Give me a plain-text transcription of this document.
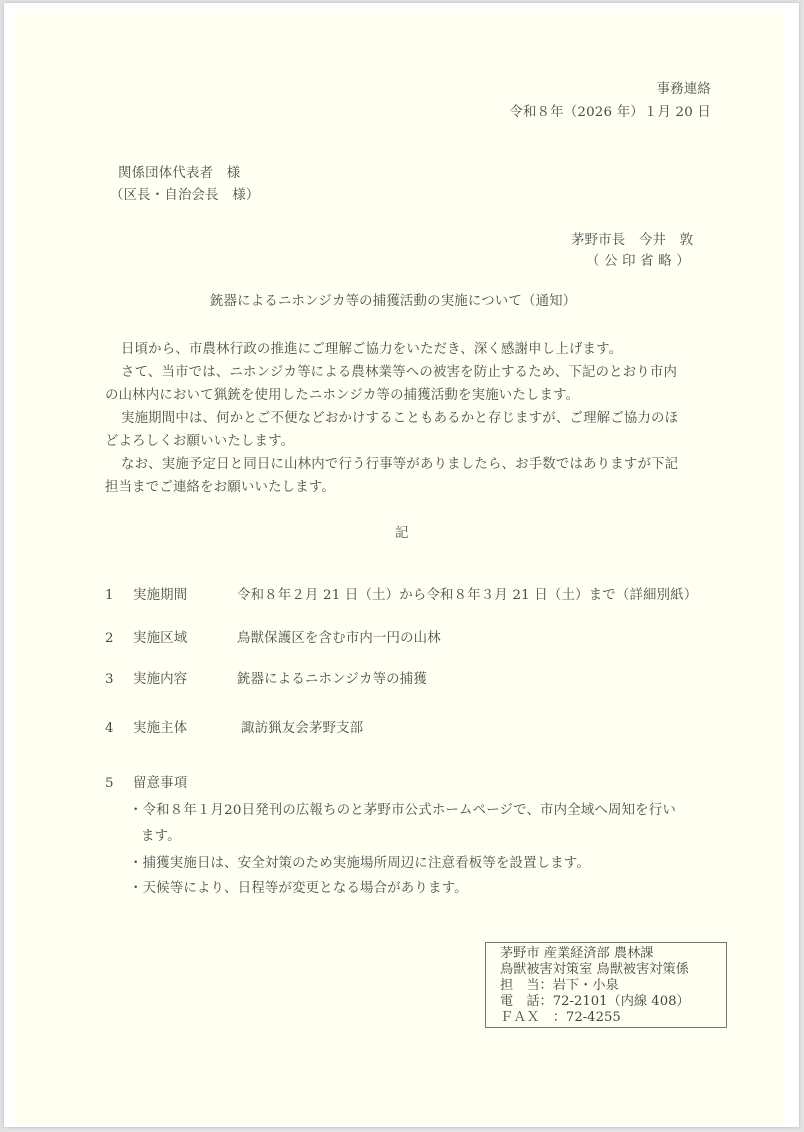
事務連絡
令和８年（2026 年）１月 20 日
関係団体代表者　様
（区長・自治会長　様）
茅野市長　今井　敦
（ 公 印 省 略 ）
銃器によるニホンジカ等の捕獲活動の実施について（通知）
日頃から、市農林行政の推進にご理解ご協力をいただき、深く感謝申し上げます。
さて、当市では、ニホンジカ等による農林業等への被害を防止するため、下記のとおり市内
の山林内において猟銃を使用したニホンジカ等の捕獲活動を実施いたします。
実施期間中は、何かとご不便などおかけすることもあるかと存じますが、ご理解ご協力のほ
どよろしくお願いいたします。
なお、実施予定日と同日に山林内で行う行事等がありましたら、お手数ではありますが下記
担当までご連絡をお願いいたします。
記
1 実施期間	令和８年２月 21 日（土）から令和８年３月 21 日（土）まで（詳細別紙）
2 実施区域	鳥獣保護区を含む市内一円の山林
3 実施内容	銃器によるニホンジカ等の捕獲
4 実施主体	諏訪猟友会茅野支部
5 留意事項
・令和８年１月20日発刊の広報ちのと茅野市公式ホームページで、市内全域へ周知を行い
ます。
・捕獲実施日は、安全対策のため実施場所周辺に注意看板等を設置します。
・天候等により、日程等が変更となる場合があります。
茅野市 産業経済部 農林課
鳥獣被害対策室 鳥獣被害対策係
担　当：岩下・小泉
電　話：72-2101（内線 408）
ＦＡＸ　：72-4255
